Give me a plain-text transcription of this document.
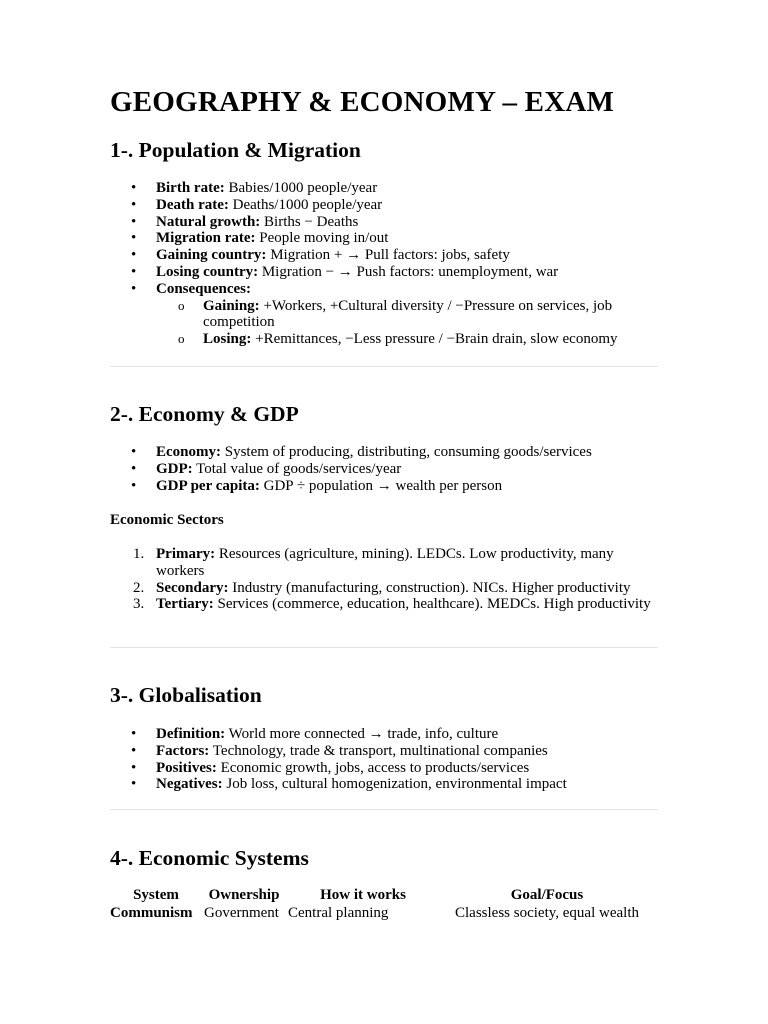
GEOGRAPHY & ECONOMY – EXAM
1-. Population & Migration
• Birth rate: Babies/1000 people/year
• Death rate: Deaths/1000 people/year
• Natural growth: Births − Deaths
• Migration rate: People moving in/out
• Gaining country: Migration + → Pull factors: jobs, safety
• Losing country: Migration − → Push factors: unemployment, war
• Consequences:
o Gaining: +Workers, +Cultural diversity / −Pressure on services, job competition
o Losing: +Remittances, −Less pressure / −Brain drain, slow economy
2-. Economy & GDP
• Economy: System of producing, distributing, consuming goods/services
• GDP: Total value of goods/services/year
• GDP per capita: GDP ÷ population → wealth per person
Economic Sectors
1. Primary: Resources (agriculture, mining). LEDCs. Low productivity, many workers
2. Secondary: Industry (manufacturing, construction). NICs. Higher productivity
3. Tertiary: Services (commerce, education, healthcare). MEDCs. High productivity
3-. Globalisation
• Definition: World more connected → trade, info, culture
• Factors: Technology, trade & transport, multinational companies
• Positives: Economic growth, jobs, access to products/services
• Negatives: Job loss, cultural homogenization, environmental impact
4-. Economic Systems
System	Ownership	How it works	Goal/Focus
Communism	Government	Central planning	Classless society, equal wealth
